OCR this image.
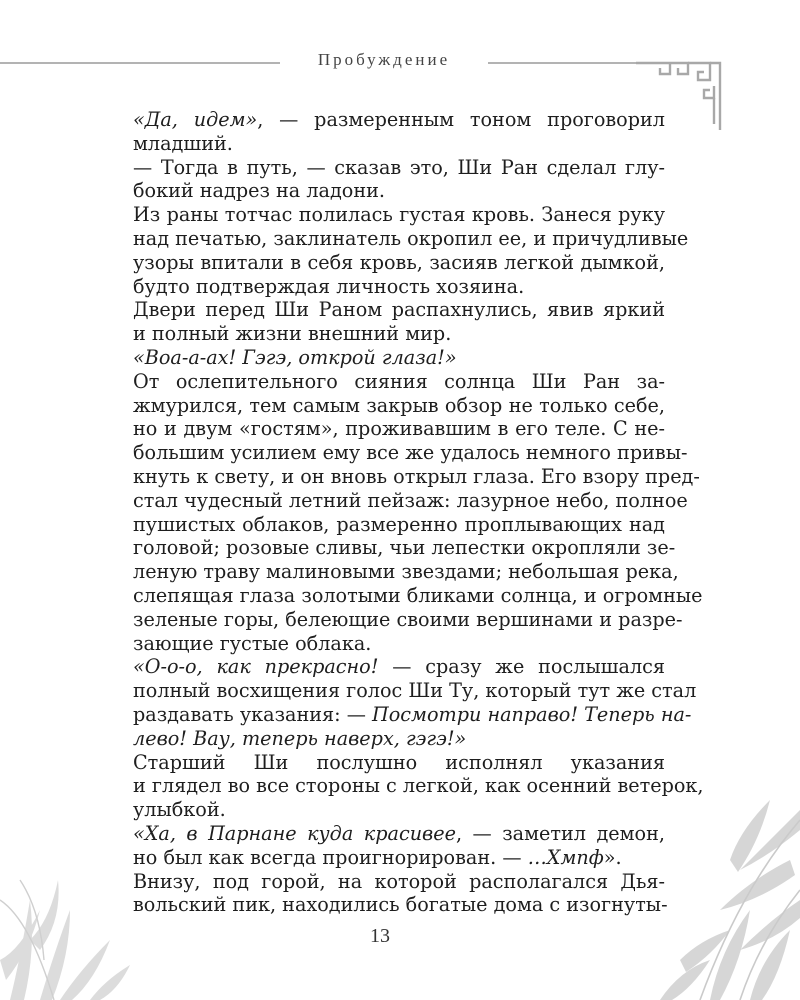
Пробуждение
«Да, идем», — размеренным тоном проговорил
младший.
— Тогда в путь, — сказав это, Ши Ран сделал глу-
бокий надрез на ладони.
Из раны тотчас полилась густая кровь. Занеся руку
над печатью, заклинатель окропил ее, и причудливые
узоры впитали в себя кровь, засияв легкой дымкой,
будто подтверждая личность хозяина.
Двери перед Ши Раном распахнулись, явив яркий
и полный жизни внешний мир.
«Воа-а-ах! Гэгэ, открой глаза!»
От ослепительного сияния солнца Ши Ран за-
жмурился, тем самым закрыв обзор не только себе,
но и двум «гостям», проживавшим в его теле. С не-
большим усилием ему все же удалось немного привы-
кнуть к свету, и он вновь открыл глаза. Его взору пред-
стал чудесный летний пейзаж: лазурное небо, полное
пушистых облаков, размеренно проплывающих над
головой; розовые сливы, чьи лепестки окропляли зе-
леную траву малиновыми звездами; небольшая река,
слепящая глаза золотыми бликами солнца, и огромные
зеленые горы, белеющие своими вершинами и разре-
зающие густые облака.
«О-о-о, как прекрасно! — сразу же послышался
полный восхищения голос Ши Ту, который тут же стал
раздавать указания: — Посмотри направо! Теперь на-
лево! Вау, теперь наверх, гэгэ!»
Старший Ши послушно исполнял указания
и глядел во все стороны с легкой, как осенний ветерок,
улыбкой.
«Ха, в Парнане куда красивее, — заметил демон,
но был как всегда проигнорирован. — …Хмпф».
Внизу, под горой, на которой располагался Дья-
вольский пик, находились богатые дома с изогнуты-
13
